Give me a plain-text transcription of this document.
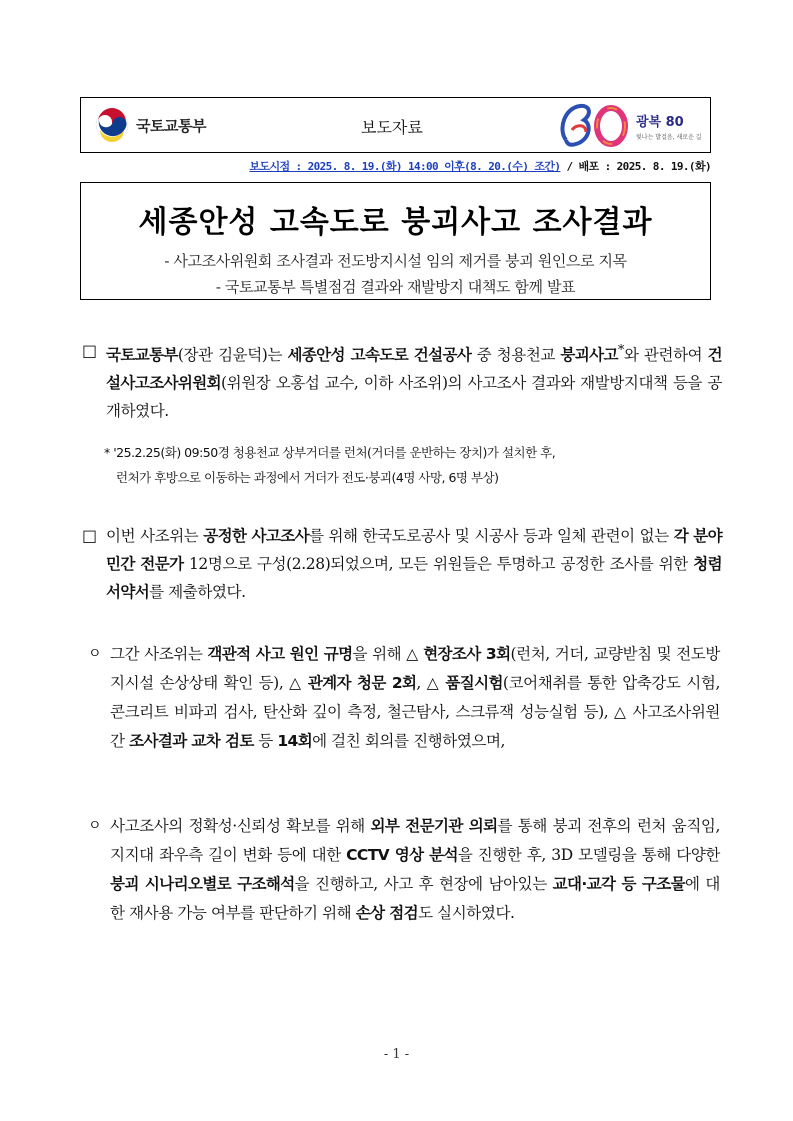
국토교통부	보도자료	광복 80
빛나는 발걸음, 새로운 길
보도시점 : 2025. 8. 19.(화) 14:00 이후(8. 20.(수) 조간) / 배포 : 2025. 8. 19.(화)
세종안성 고속도로 붕괴사고 조사결과
- 사고조사위원회 조사결과 전도방지시설 임의 제거를 붕괴 원인으로 지목
- 국토교통부 특별점검 결과와 재발방지 대책도 함께 발표
□ 국토교통부(장관 김윤덕)는 세종안성 고속도로 건설공사 중 청용천교 붕괴사고*와 관련하여 건설사고조사위원회(위원장 오홍섭 교수, 이하 사조위)의 사고조사 결과와 재발방지대책 등을 공개하였다.
* '25.2.25(화) 09:50경 청용천교 상부거더를 런처(거더를 운반하는 장치)가 설치한 후,
런처가 후방으로 이동하는 과정에서 거더가 전도·붕괴(4명 사망, 6명 부상)
□ 이번 사조위는 공정한 사고조사를 위해 한국도로공사 및 시공사 등과 일체 관련이 없는 각 분야 민간 전문가 12명으로 구성(2.28)되었으며, 모든 위원들은 투명하고 공정한 조사를 위한 청렴 서약서를 제출하였다.
ㅇ 그간 사조위는 객관적 사고 원인 규명을 위해 △ 현장조사 3회(런처, 거더, 교량받침 및 전도방지시설 손상상태 확인 등), △ 관계자 청문 2회, △ 품질시험(코어채취를 통한 압축강도 시험, 콘크리트 비파괴 검사, 탄산화 깊이 측정, 철근탐사, 스크류잭 성능실험 등), △ 사고조사위원 간 조사결과 교차 검토 등 14회에 걸친 회의를 진행하였으며,
ㅇ 사고조사의 정확성·신뢰성 확보를 위해 외부 전문기관 의뢰를 통해 붕괴 전후의 런처 움직임, 지지대 좌우측 길이 변화 등에 대한 CCTV 영상 분석을 진행한 후, 3D 모델링을 통해 다양한 붕괴 시나리오별로 구조해석을 진행하고, 사고 후 현장에 남아있는 교대·교각 등 구조물에 대한 재사용 가능 여부를 판단하기 위해 손상 점검도 실시하였다.
- 1 -
